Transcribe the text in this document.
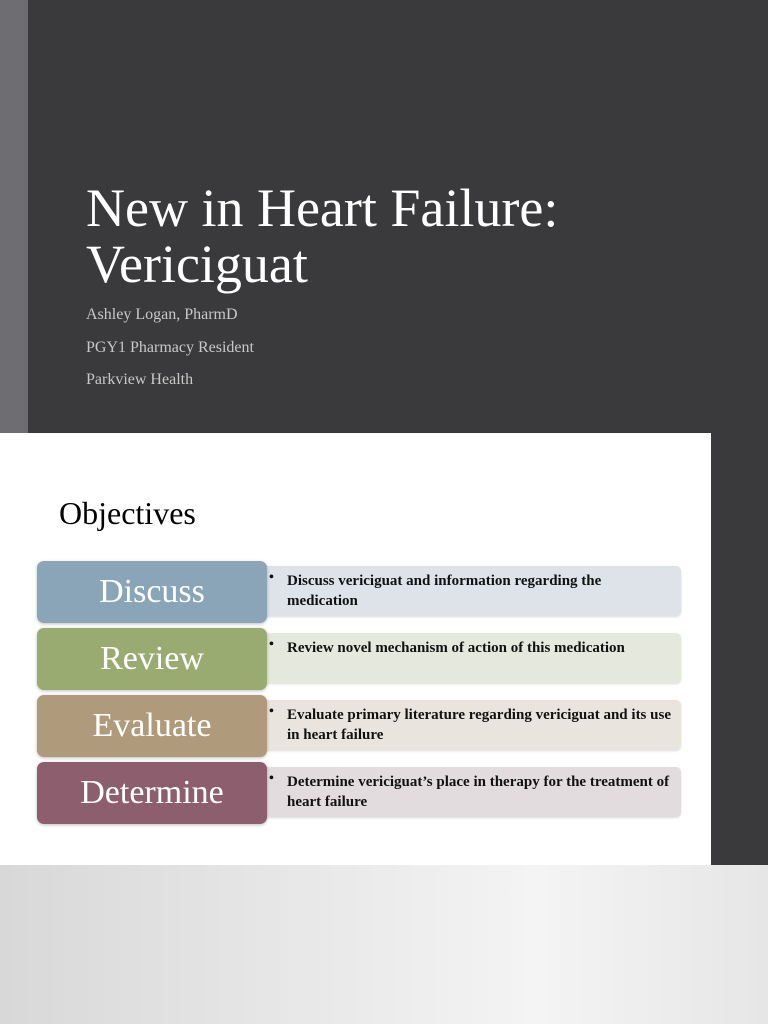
New in Heart Failure:
Vericiguat

Ashley Logan, PharmD

PGY1 Pharmacy Resident

Parkview Health

Objectives
• Discuss vericiguat and information regarding the medication
Discuss
• Review novel mechanism of action of this medication
Review
• Evaluate primary literature regarding vericiguat and its use in heart failure
Evaluate
• Determine vericiguat’s place in therapy for the treatment of heart failure
Determine
